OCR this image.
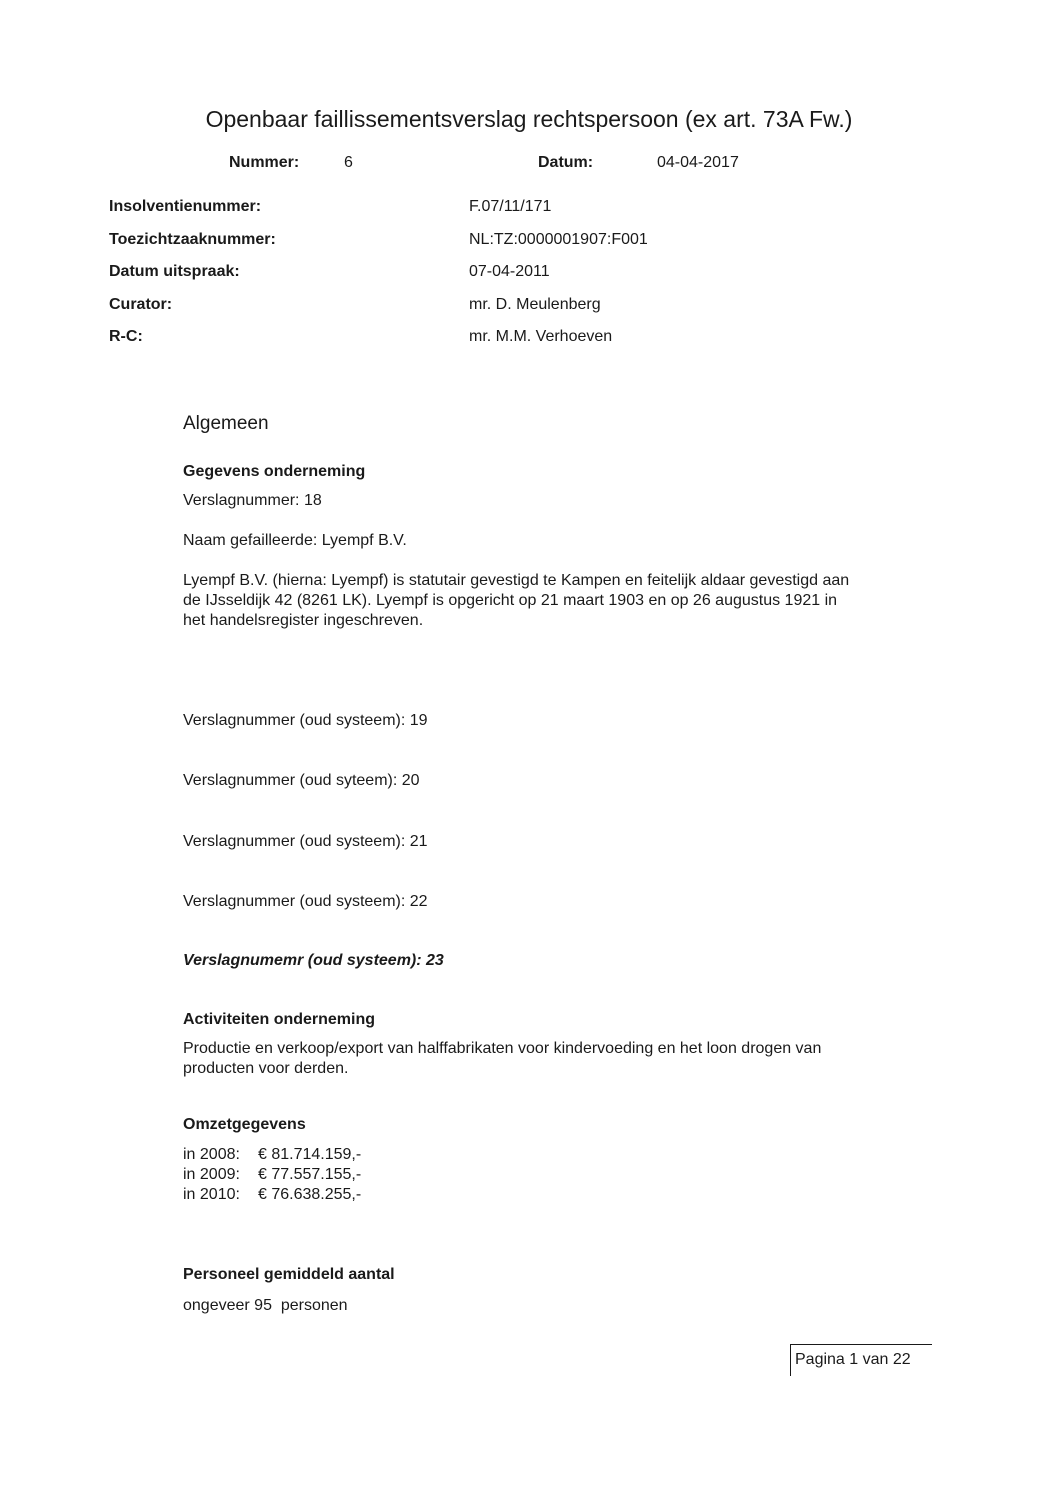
Openbaar faillissementsverslag rechtspersoon (ex art. 73A Fw.)
Nummer:	6	Datum:	04-04-2017
Insolventienummer:	F.07/11/171
Toezichtzaaknummer:	NL:TZ:0000001907:F001
Datum uitspraak:	07-04-2011
Curator:	mr. D. Meulenberg
R-C:	mr. M.M. Verhoeven
Algemeen
Gegevens onderneming
Verslagnummer: 18
Naam gefailleerde: Lyempf B.V.
Lyempf B.V. (hierna: Lyempf) is statutair gevestigd te Kampen en feitelijk aldaar gevestigd aan
de IJsseldijk 42 (8261 LK). Lyempf is opgericht op 21 maart 1903 en op 26 augustus 1921 in
het handelsregister ingeschreven.
Verslagnummer (oud systeem): 19
Verslagnummer (oud syteem): 20
Verslagnummer (oud systeem): 21
Verslagnummer (oud systeem): 22
Verslagnumemr (oud systeem): 23
Activiteiten onderneming
Productie en verkoop/export van halffabrikaten voor kindervoeding en het loon drogen van
producten voor derden.
Omzetgegevens
in 2008: € 81.714.159,-
in 2009: € 77.557.155,-
in 2010: € 76.638.255,-
Personeel gemiddeld aantal
ongeveer 95  personen
Pagina 1 van 22
